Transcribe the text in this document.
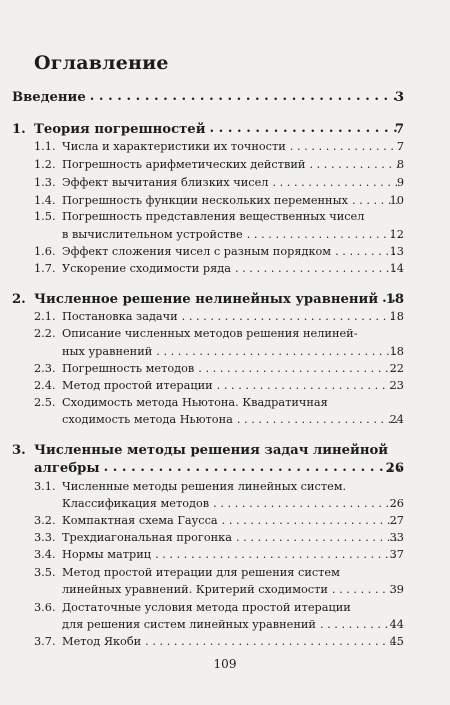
Оглавление
Введение . . .	3
1. Теория погрешностей . . .	7
1.1. Числа и характеристики их точности . . .	7
1.2. Погрешность арифметических действий . . .	8
1.3. Эффект вычитания близких чисел . . .	9
1.4. Погрешность функции нескольких переменных . . .	10
1.5. Погрешность представления вещественных чисел
в вычислительном устройстве . . .	12
1.6. Эффект сложения чисел с разным порядком . . .	13
1.7. Ускорение сходимости ряда . . .	14
2. Численное решение нелинейных уравнений . . . 18
2.1. Постановка задачи . . .	18
2.2. Описание численных методов решения нелиней-
ных уравнений . . .	18
2.3. Погрешность методов . . .	22
2.4. Метод простой итерации . . .	23
2.5. Сходимость метода Ньютона. Квадратичная
сходимость метода Ньютона . . .	24
3. Численные методы решения задач линейной
алгебры . . .	26
3.1. Численные методы решения линейных систем.
Классификация методов . . .	26
3.2. Компактная схема Гаусса . . .	27
3.3. Трехдиагональная прогонка . . .	33
3.4. Нормы матриц . . .	37
3.5. Метод простой итерации для решения систем
линейных уравнений. Критерий сходимости . . .	39
3.6. Достаточные условия метода простой итерации
для решения систем линейных уравнений . . .	44
3.7. Метод Якоби . . .	45
109
